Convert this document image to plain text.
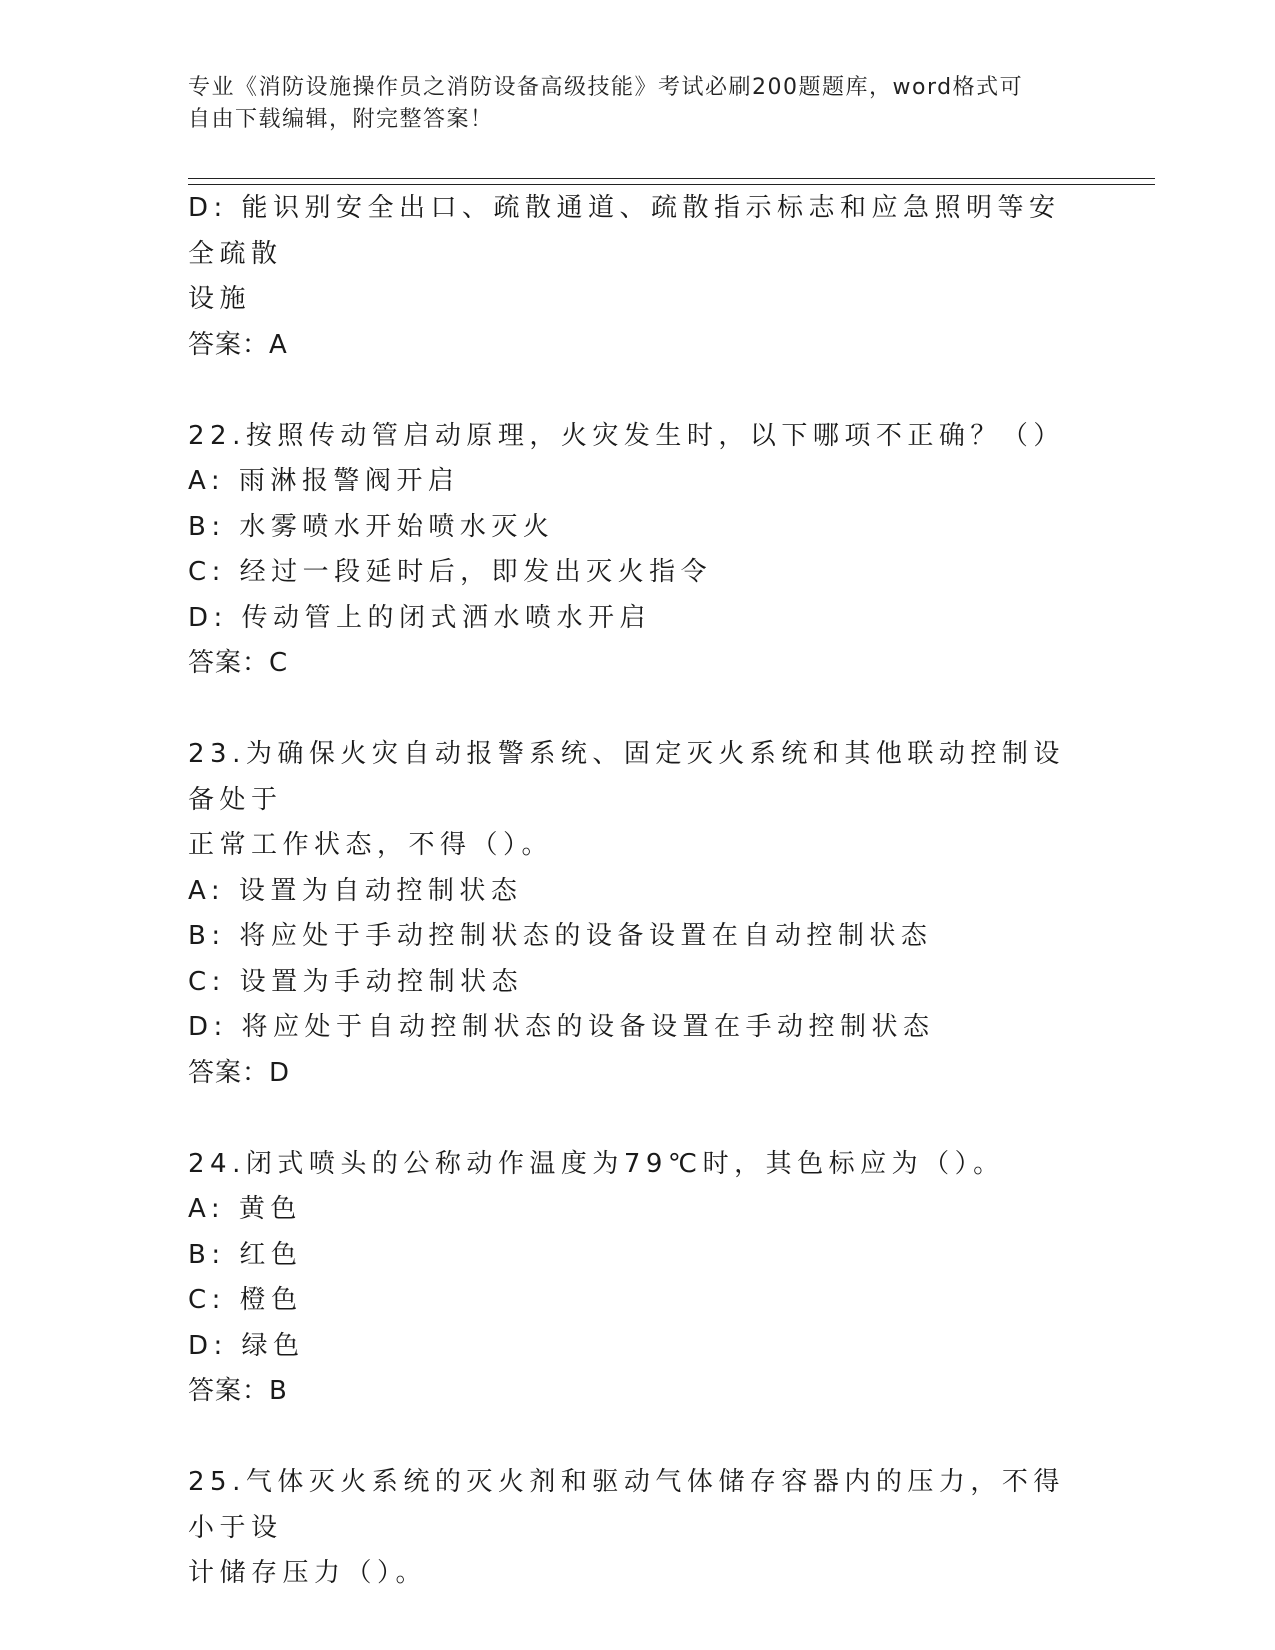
专业《消防设施操作员之消防设备高级技能》考试必刷200题题库，word格式可
自由下载编辑，附完整答案！

D: 能识别安全出口、疏散通道、疏散指示标志和应急照明等安全疏散

设施

答案：A

22.按照传动管启动原理，火灾发生时，以下哪项不正确？（）

A: 雨淋报警阀开启

B: 水雾喷水开始喷水灭火

C: 经过一段延时后，即发出灭火指令

D: 传动管上的闭式洒水喷水开启

答案：C

23.为确保火灾自动报警系统、固定灭火系统和其他联动控制设备处于

正常工作状态，不得（）。

A: 设置为自动控制状态

B: 将应处于手动控制状态的设备设置在自动控制状态

C: 设置为手动控制状态

D: 将应处于自动控制状态的设备设置在手动控制状态

答案：D

24.闭式喷头的公称动作温度为79℃时，其色标应为（）。

A: 黄色

B: 红色

C: 橙色

D: 绿色

答案：B

25.气体灭火系统的灭火剂和驱动气体储存容器内的压力，不得小于设

计储存压力（）。
